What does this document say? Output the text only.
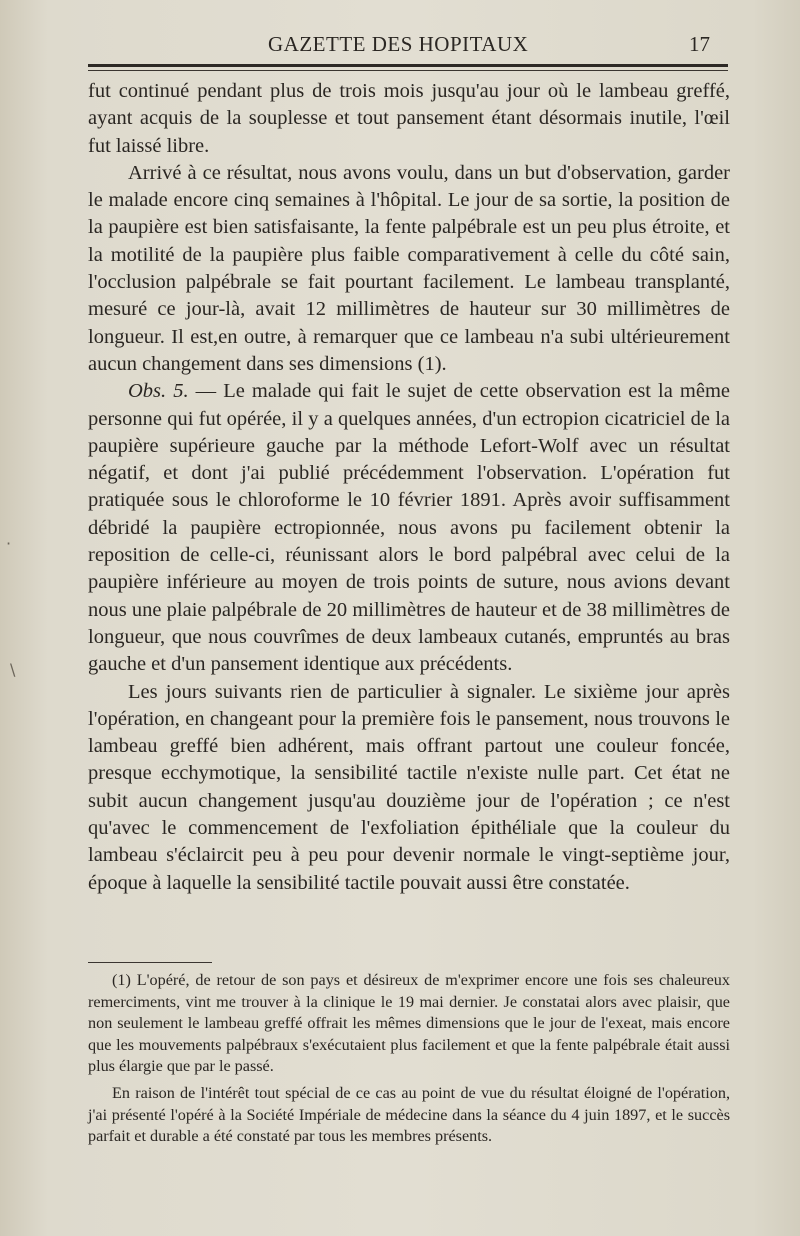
GAZETTE DES HOPITAUX	17

fut continué pendant plus de trois mois jusqu'au jour où le lambeau greffé, ayant acquis de la souplesse et tout pansement étant désormais inutile, l'œil fut laissé libre.

Arrivé à ce résultat, nous avons voulu, dans un but d'observation, garder le malade encore cinq semaines à l'hôpital. Le jour de sa sortie, la position de la paupière est bien satisfaisante, la fente palpébrale est un peu plus étroite, et la motilité de la paupière plus faible comparativement à celle du côté sain, l'occlusion palpébrale se fait pourtant facilement. Le lambeau transplanté, mesuré ce jour-là, avait 12 millimètres de hauteur sur 30 millimètres de longueur. Il est,en outre, à remarquer que ce lambeau n'a subi ultérieurement aucun changement dans ses dimensions (1).

Obs. 5. — Le malade qui fait le sujet de cette observation est la même personne qui fut opérée, il y a quelques années, d'un ectropion cicatriciel de la paupière supérieure gauche par la méthode Lefort-Wolf avec un résultat négatif, et dont j'ai publié précédemment l'observation. L'opération fut pratiquée sous le chloroforme le 10 février 1891. Après avoir suffisamment débridé la paupière ectropionnée, nous avons pu facilement obtenir la reposition de celle-ci, réunissant alors le bord palpébral avec celui de la paupière inférieure au moyen de trois points de suture, nous avions devant nous une plaie palpébrale de 20 millimètres de hauteur et de 38 millimètres de longueur, que nous couvrîmes de deux lambeaux cutanés, empruntés au bras gauche et d'un pansement identique aux précédents.

Les jours suivants rien de particulier à signaler. Le sixième jour après l'opération, en changeant pour la première fois le pansement, nous trouvons le lambeau greffé bien adhérent, mais offrant partout une couleur foncée, presque ecchymotique, la sensibilité tactile n'existe nulle part. Cet état ne subit aucun changement jusqu'au douzième jour de l'opération ; ce n'est qu'avec le commencement de l'exfoliation épithéliale que la couleur du lambeau s'éclaircit peu à peu pour devenir normale le vingt-septième jour, époque à laquelle la sensibilité tactile pouvait aussi être constatée.

(1) L'opéré, de retour de son pays et désireux de m'exprimer encore une fois ses chaleureux remerciments, vint me trouver à la clinique le 19 mai dernier. Je constatai alors avec plaisir, que non seulement le lambeau greffé offrait les mêmes dimensions que le jour de l'exeat, mais encore que les mouvements palpébraux s'exécutaient plus facilement et que la fente palpébrale était aussi plus élargie que par le passé.

En raison de l'intérêt tout spécial de ce cas au point de vue du résultat éloigné de l'opération, j'ai présenté l'opéré à la Société Impériale de médecine dans la séance du 4 juin 1897, et le succès parfait et durable a été constaté par tous les membres présents.

·
\
